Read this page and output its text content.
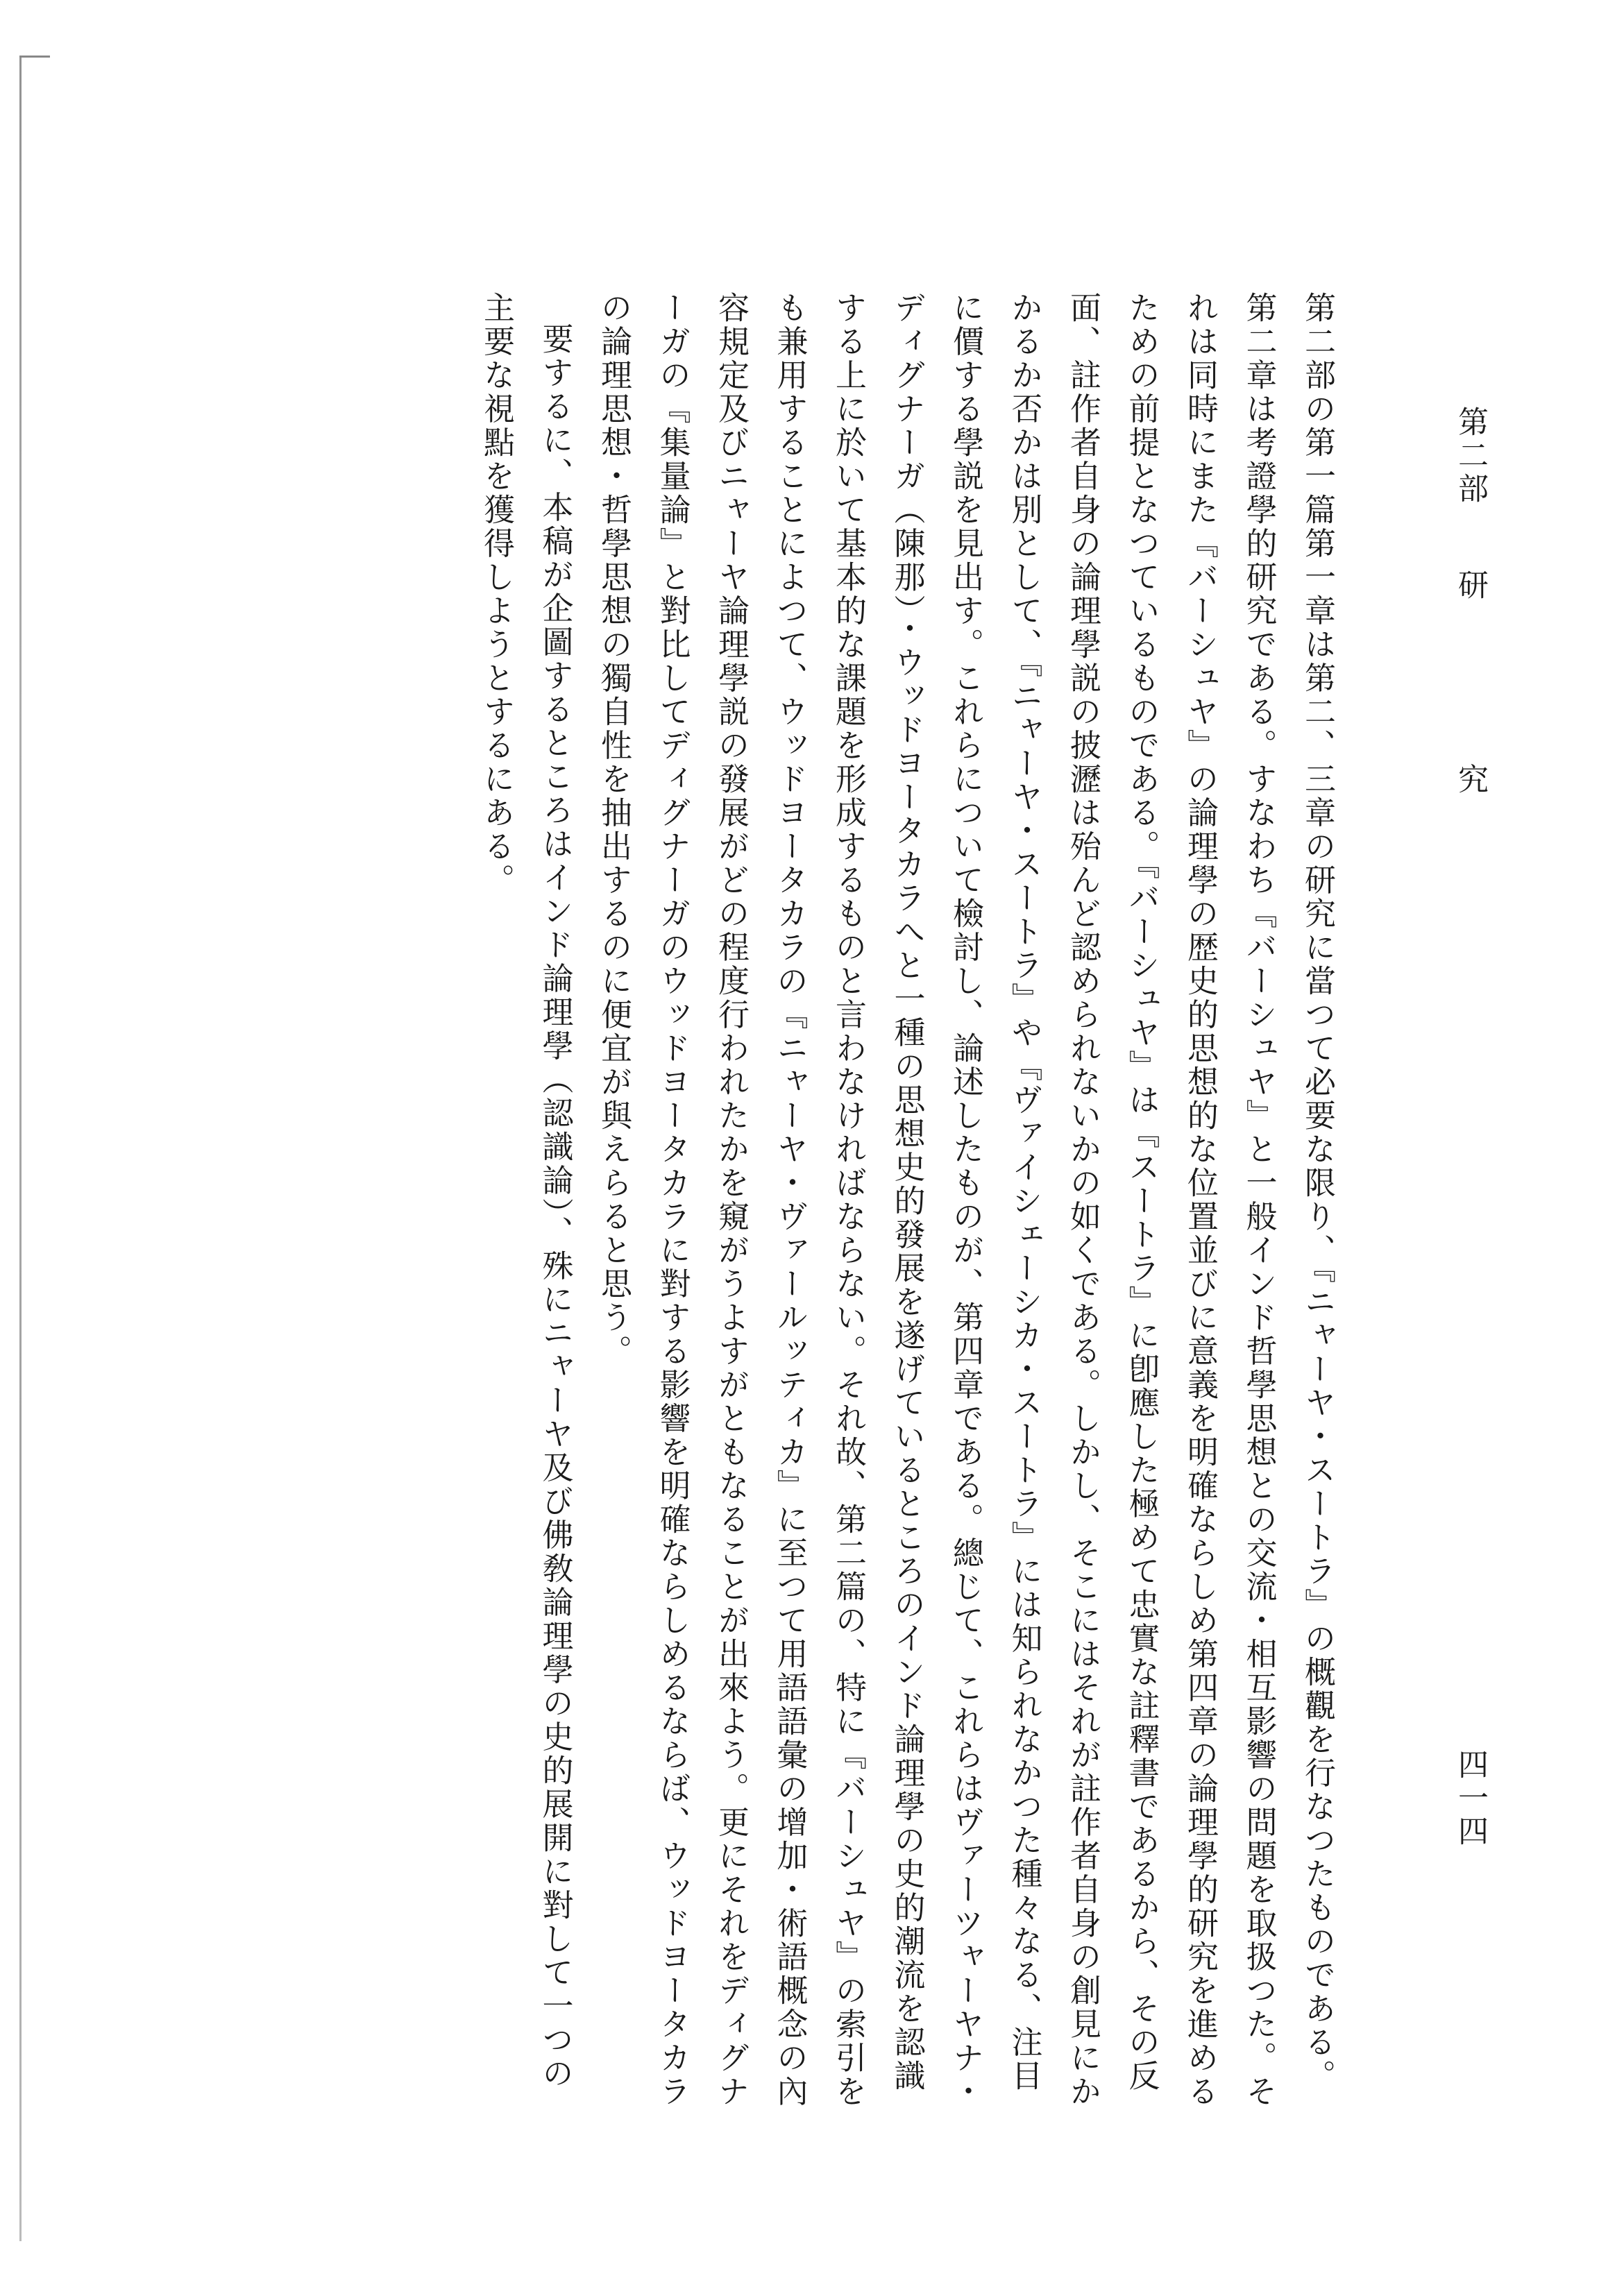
第二部
研
究
四一四

第二部の第一篇第一章は第二、三章の研究に當つて必要な限り、『ニャーヤ・スートラ』の概觀を行なつたものである。第二章は考證學的研究である。すなわち『バーシュヤ』と一般インド哲學思想との交流・相互影響の問題を取扱つた。それは同時にまた『バーシュヤ』の論理學の歴史的思想的な位置並びに意義を明確ならしめ第四章の論理學的研究を進めるための前提となつているものである。『バーシュヤ』は『スートラ』に卽應した極めて忠實な註釋書であるから、その反面、註作者自身の論理學説の披瀝は殆んど認められないかの如くである。しかし、そこにはそれが註作者自身の創見にかかるか否かは別として、『ニャーヤ・スートラ』や『ヴァイシェーシカ・スートラ』には知られなかつた種々なる、注目に價する學説を見出す。これらについて檢討し、論述したものが、第四章である。總じて、これらはヴァーツャーヤナ・ディグナーガ（陳那）・ウッドヨータカラへと一種の思想史的發展を遂げているところのインド論理學の史的潮流を認識する上に於いて基本的な課題を形成するものと言わなければならない。それ故、第二篇の、特に『バーシュヤ』の索引をも兼用することによつて、ウッドヨータカラの『ニャーヤ・ヴァールッティカ』に至つて用語語彙の增加・術語概念の內容規定及びニャーヤ論理學説の發展がどの程度行われたかを窺がうよすがともなることが出來よう。更にそれをディグナーガの『集量論』と對比してディグナーガのウッドヨータカラに對する影響を明確ならしめるならば、ウッドヨータカラの論理思想・哲學思想の獨自性を抽出するのに便宜が與えらると思う。

要するに、本稿が企圖するところはインド論理學（認識論）、殊にニャーヤ及び佛敎論理學の史的展開に對して一つの主要な視點を獲得しようとするにある。
